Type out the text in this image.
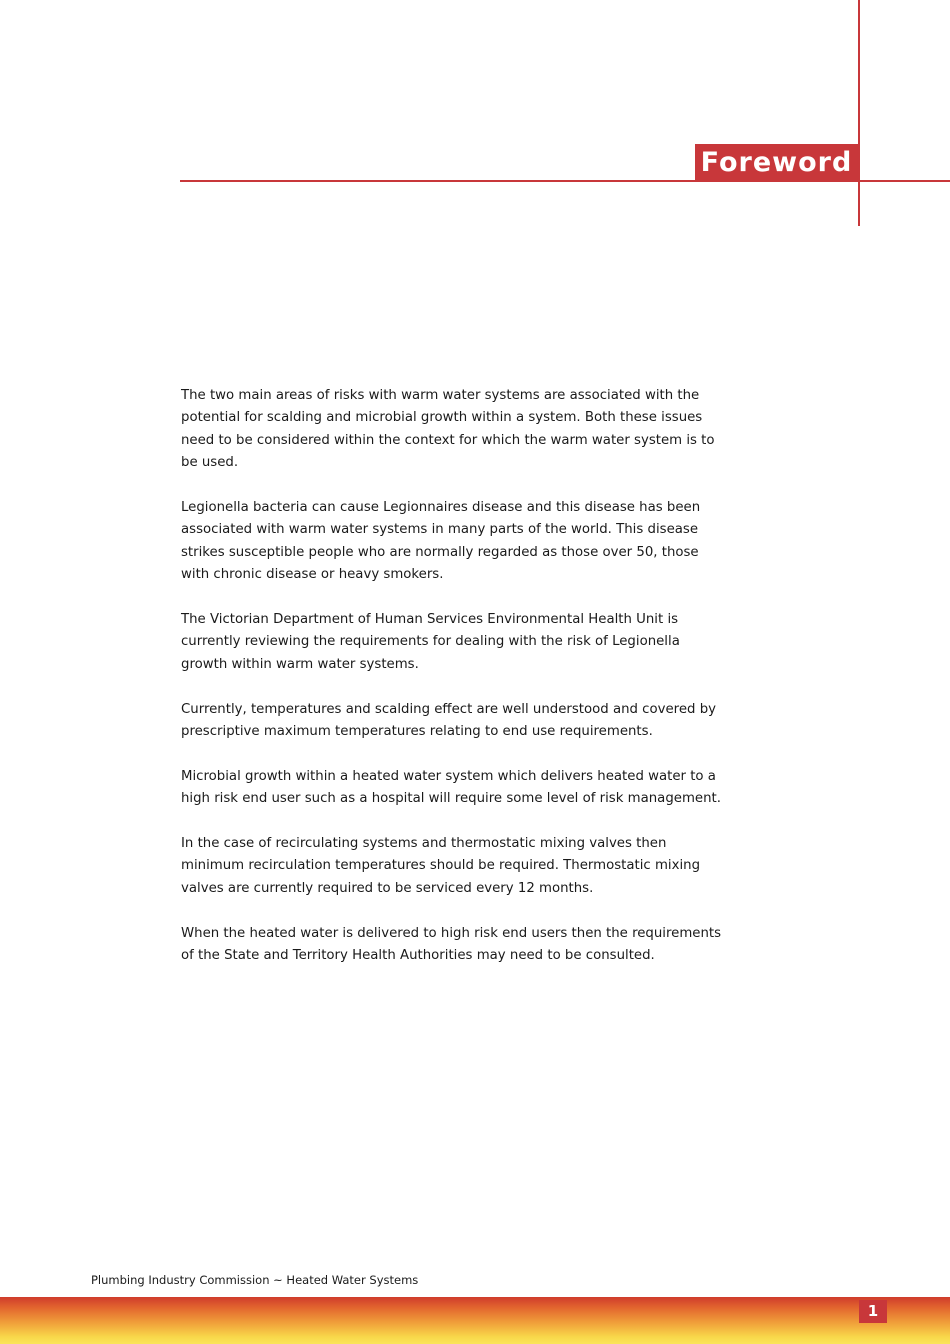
Foreword

The two main areas of risks with warm water systems are associated with the potential for scalding and microbial growth within a system. Both these issues need to be considered within the context for which the warm water system is to be used.

Legionella bacteria can cause Legionnaires disease and this disease has been associated with warm water systems in many parts of the world. This disease strikes susceptible people who are normally regarded as those over 50, those with chronic disease or heavy smokers.

The Victorian Department of Human Services Environmental Health Unit is currently reviewing the requirements for dealing with the risk of Legionella growth within warm water systems.

Currently, temperatures and scalding effect are well understood and covered by prescriptive maximum temperatures relating to end use requirements.

Microbial growth within a heated water system which delivers heated water to a high risk end user such as a hospital will require some level of risk management.

In the case of recirculating systems and thermostatic mixing valves then minimum recirculation temperatures should be required. Thermostatic mixing valves are currently required to be serviced every 12 months.

When the heated water is delivered to high risk end users then the requirements of the State and Territory Health Authorities may need to be consulted.

Plumbing Industry Commission ~ Heated Water Systems
1
